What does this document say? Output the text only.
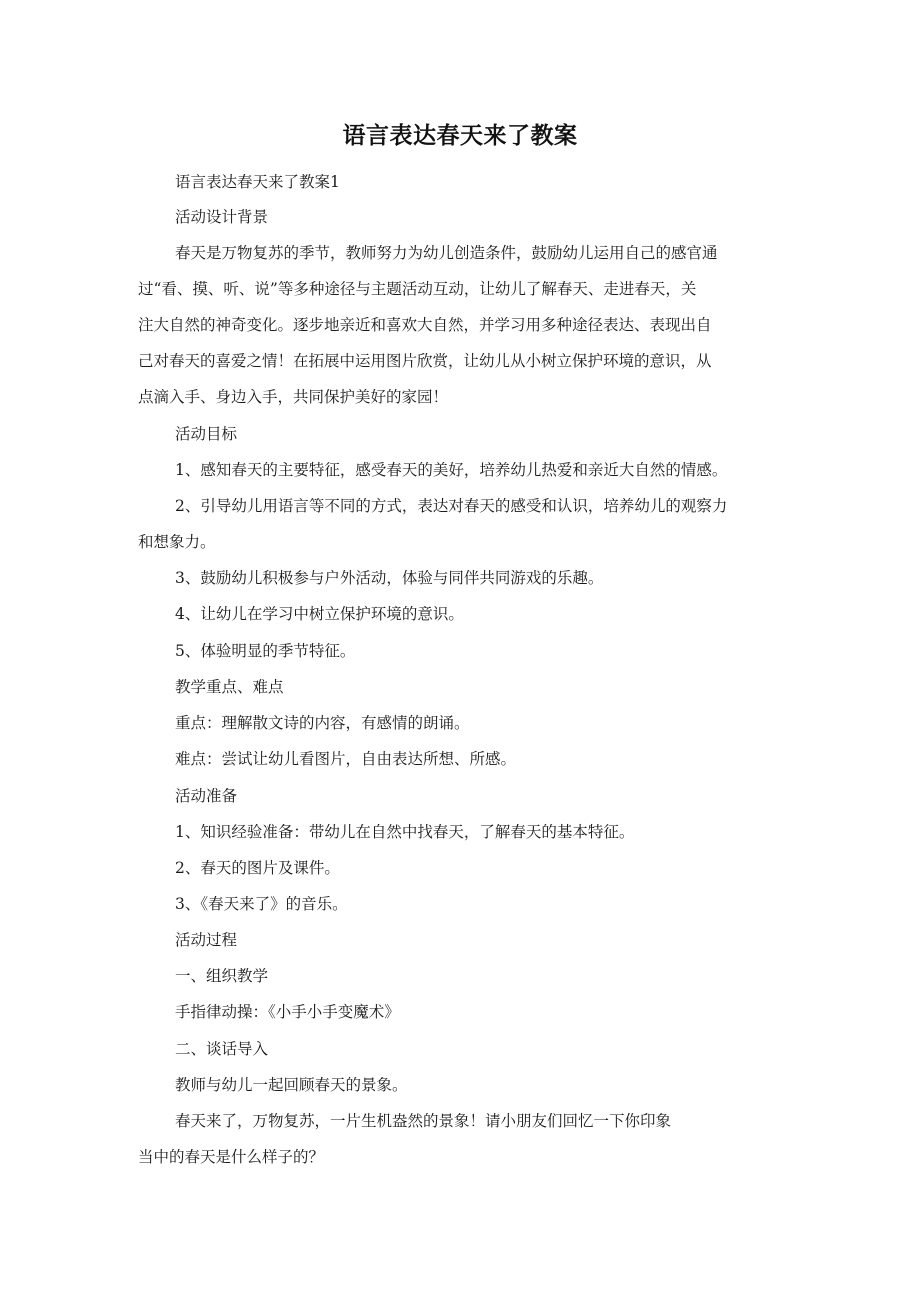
语言表达春天来了教案
语言表达春天来了教案1
活动设计背景
春天是万物复苏的季节，教师努力为幼儿创造条件，鼓励幼儿运用自己的感官通
过“看、摸、听、说”等多种途径与主题活动互动，让幼儿了解春天、走进春天，关
注大自然的神奇变化。逐步地亲近和喜欢大自然，并学习用多种途径表达、表现出自
己对春天的喜爱之情！在拓展中运用图片欣赏，让幼儿从小树立保护环境的意识，从
点滴入手、身边入手，共同保护美好的家园！
活动目标
1、感知春天的主要特征，感受春天的美好，培养幼儿热爱和亲近大自然的情感。
2、引导幼儿用语言等不同的方式，表达对春天的感受和认识，培养幼儿的观察力
和想象力。
3、鼓励幼儿积极参与户外活动，体验与同伴共同游戏的乐趣。
4、让幼儿在学习中树立保护环境的意识。
5、体验明显的季节特征。
教学重点、难点
重点：理解散文诗的内容，有感情的朗诵。
难点：尝试让幼儿看图片，自由表达所想、所感。
活动准备
1、知识经验准备：带幼儿在自然中找春天，了解春天的基本特征。
2、春天的图片及课件。
3、《春天来了》的音乐。
活动过程
一、组织教学
手指律动操：《小手小手变魔术》
二、谈话导入
教师与幼儿一起回顾春天的景象。
春天来了，万物复苏，一片生机盎然的景象！请小朋友们回忆一下你印象
当中的春天是什么样子的？
